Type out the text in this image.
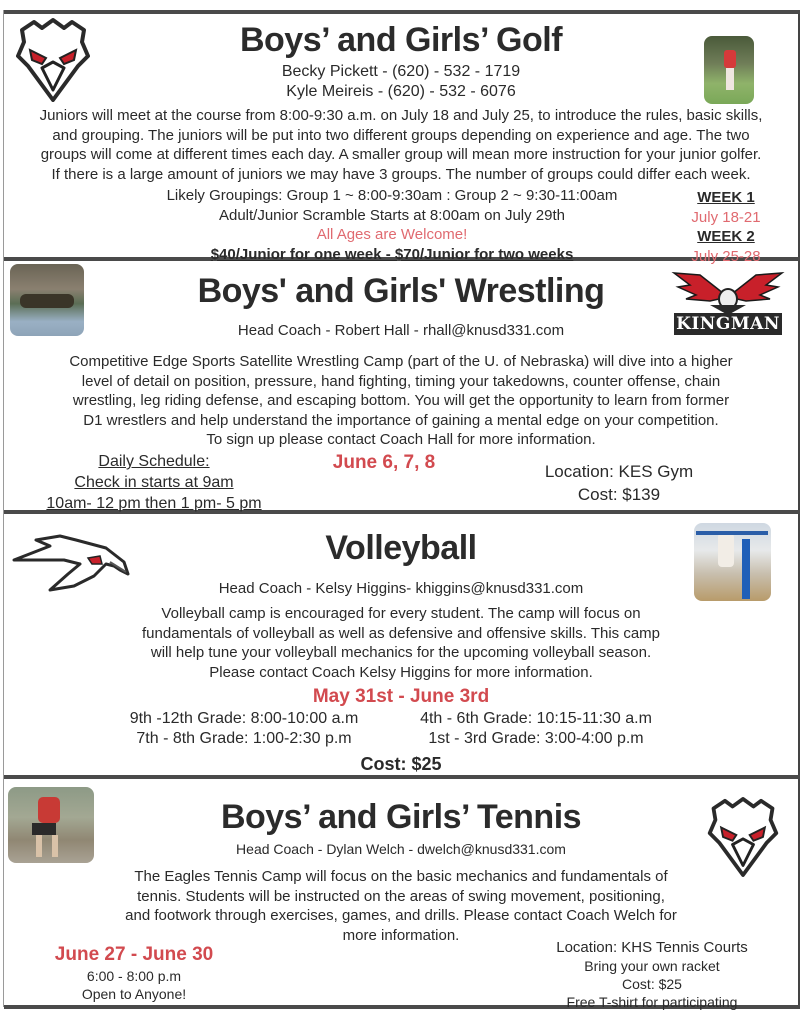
Boys’ and Girls’ Golf
Becky Pickett - (620) - 532 - 1719
Kyle Meireis - (620) - 532 - 6076
Juniors will meet at the course from 8:00-9:30 a.m. on July 18 and July 25, to introduce the rules, basic skills,
and grouping. The juniors will be put into two different groups depending on experience and age. The two
groups will come at different times each day. A smaller group will mean more instruction for your junior golfer.
If there is a large amount of juniors we may have 3 groups. The number of groups could differ each week.
Likely Groupings: Group 1 ~ 8:00-9:30am : Group 2 ~ 9:30-11:00am
Adult/Junior Scramble Starts at 8:00am on July 29th
All Ages are Welcome!
$40/Junior for one week - $70/Junior for two weeks
WEEK 1
July 18-21
WEEK 2
July 25-28
Boys' and Girls' Wrestling
Head Coach - Robert Hall - rhall@knusd331.com	KINGMAN
Competitive Edge Sports Satellite Wrestling Camp (part of the U. of Nebraska) will dive into a higher
level of detail on position, pressure, hand fighting, timing your takedowns, counter offense, chain
wrestling, leg riding defense, and escaping bottom. You will get the opportunity to learn from former
D1 wrestlers and help understand the importance of gaining a mental edge on your competition.
To sign up please contact Coach Hall for more information.
Daily Schedule:
Check in starts at 9am
10am- 12 pm then 1 pm- 5 pm
June 6, 7, 8	Location: KES Gym
Cost: $139
Volleyball
Head Coach - Kelsy Higgins- khiggins@knusd331.com
Volleyball camp is encouraged for every student. The camp will focus on
fundamentals of volleyball as well as defensive and offensive skills. This camp
will help tune your volleyball mechanics for the upcoming volleyball season.
Please contact Coach Kelsy Higgins for more information.
May 31st - June 3rd
9th -12th Grade: 8:00-10:00 a.m
7th - 8th Grade: 1:00-2:30 p.m
4th - 6th Grade: 10:15-11:30 a.m
1st - 3rd Grade: 3:00-4:00 p.m
Cost: $25
Boys’ and Girls’ Tennis
Head Coach - Dylan Welch - dwelch@knusd331.com
The Eagles Tennis Camp will focus on the basic mechanics and fundamentals of
tennis. Students will be instructed on the areas of swing movement, positioning,
and footwork through exercises, games, and drills. Please contact Coach Welch for
more information.
June 27 - June 30
6:00 - 8:00 p.m
Open to Anyone!
Location: KHS Tennis Courts
Bring your own racket
Cost: $25
Free T-shirt for participating
